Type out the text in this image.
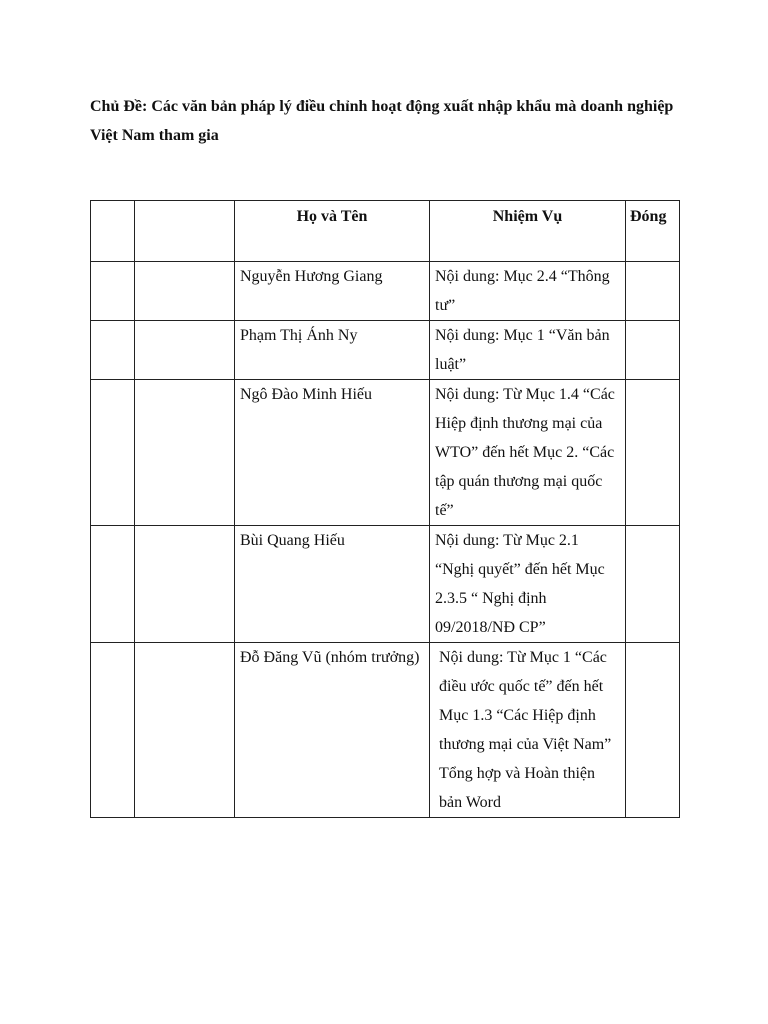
Chủ Đề: Các văn bản pháp lý điều chỉnh hoạt động xuất nhập khẩu mà doanh nghiệp Việt Nam tham gia
		Họ và Tên	Nhiệm Vụ	Đóng
		Nguyễn Hương Giang	Nội dung: Mục 2.4 “Thông tư”	

		Phạm Thị Ánh Ny	Nội dung: Mục 1 “Văn bản luật”	

		Ngô Đào Minh Hiếu	Nội dung: Từ Mục 1.4 “Các Hiệp định thương mại của WTO” đến hết Mục 2. “Các tập quán thương mại quốc tế”	

		Bùi Quang Hiếu	Nội dung: Từ Mục 2.1 “Nghị quyết” đến hết Mục 2.3.5 “ Nghị định 09/2018/NĐ CP”	

		Đỗ Đăng Vũ (nhóm trưởng)	Nội dung: Từ Mục 1 “Các điều ước quốc tế” đến hết Mục 1.3 “Các Hiệp định thương mại của Việt Nam”
Tổng hợp và Hoàn thiện bản Word	
